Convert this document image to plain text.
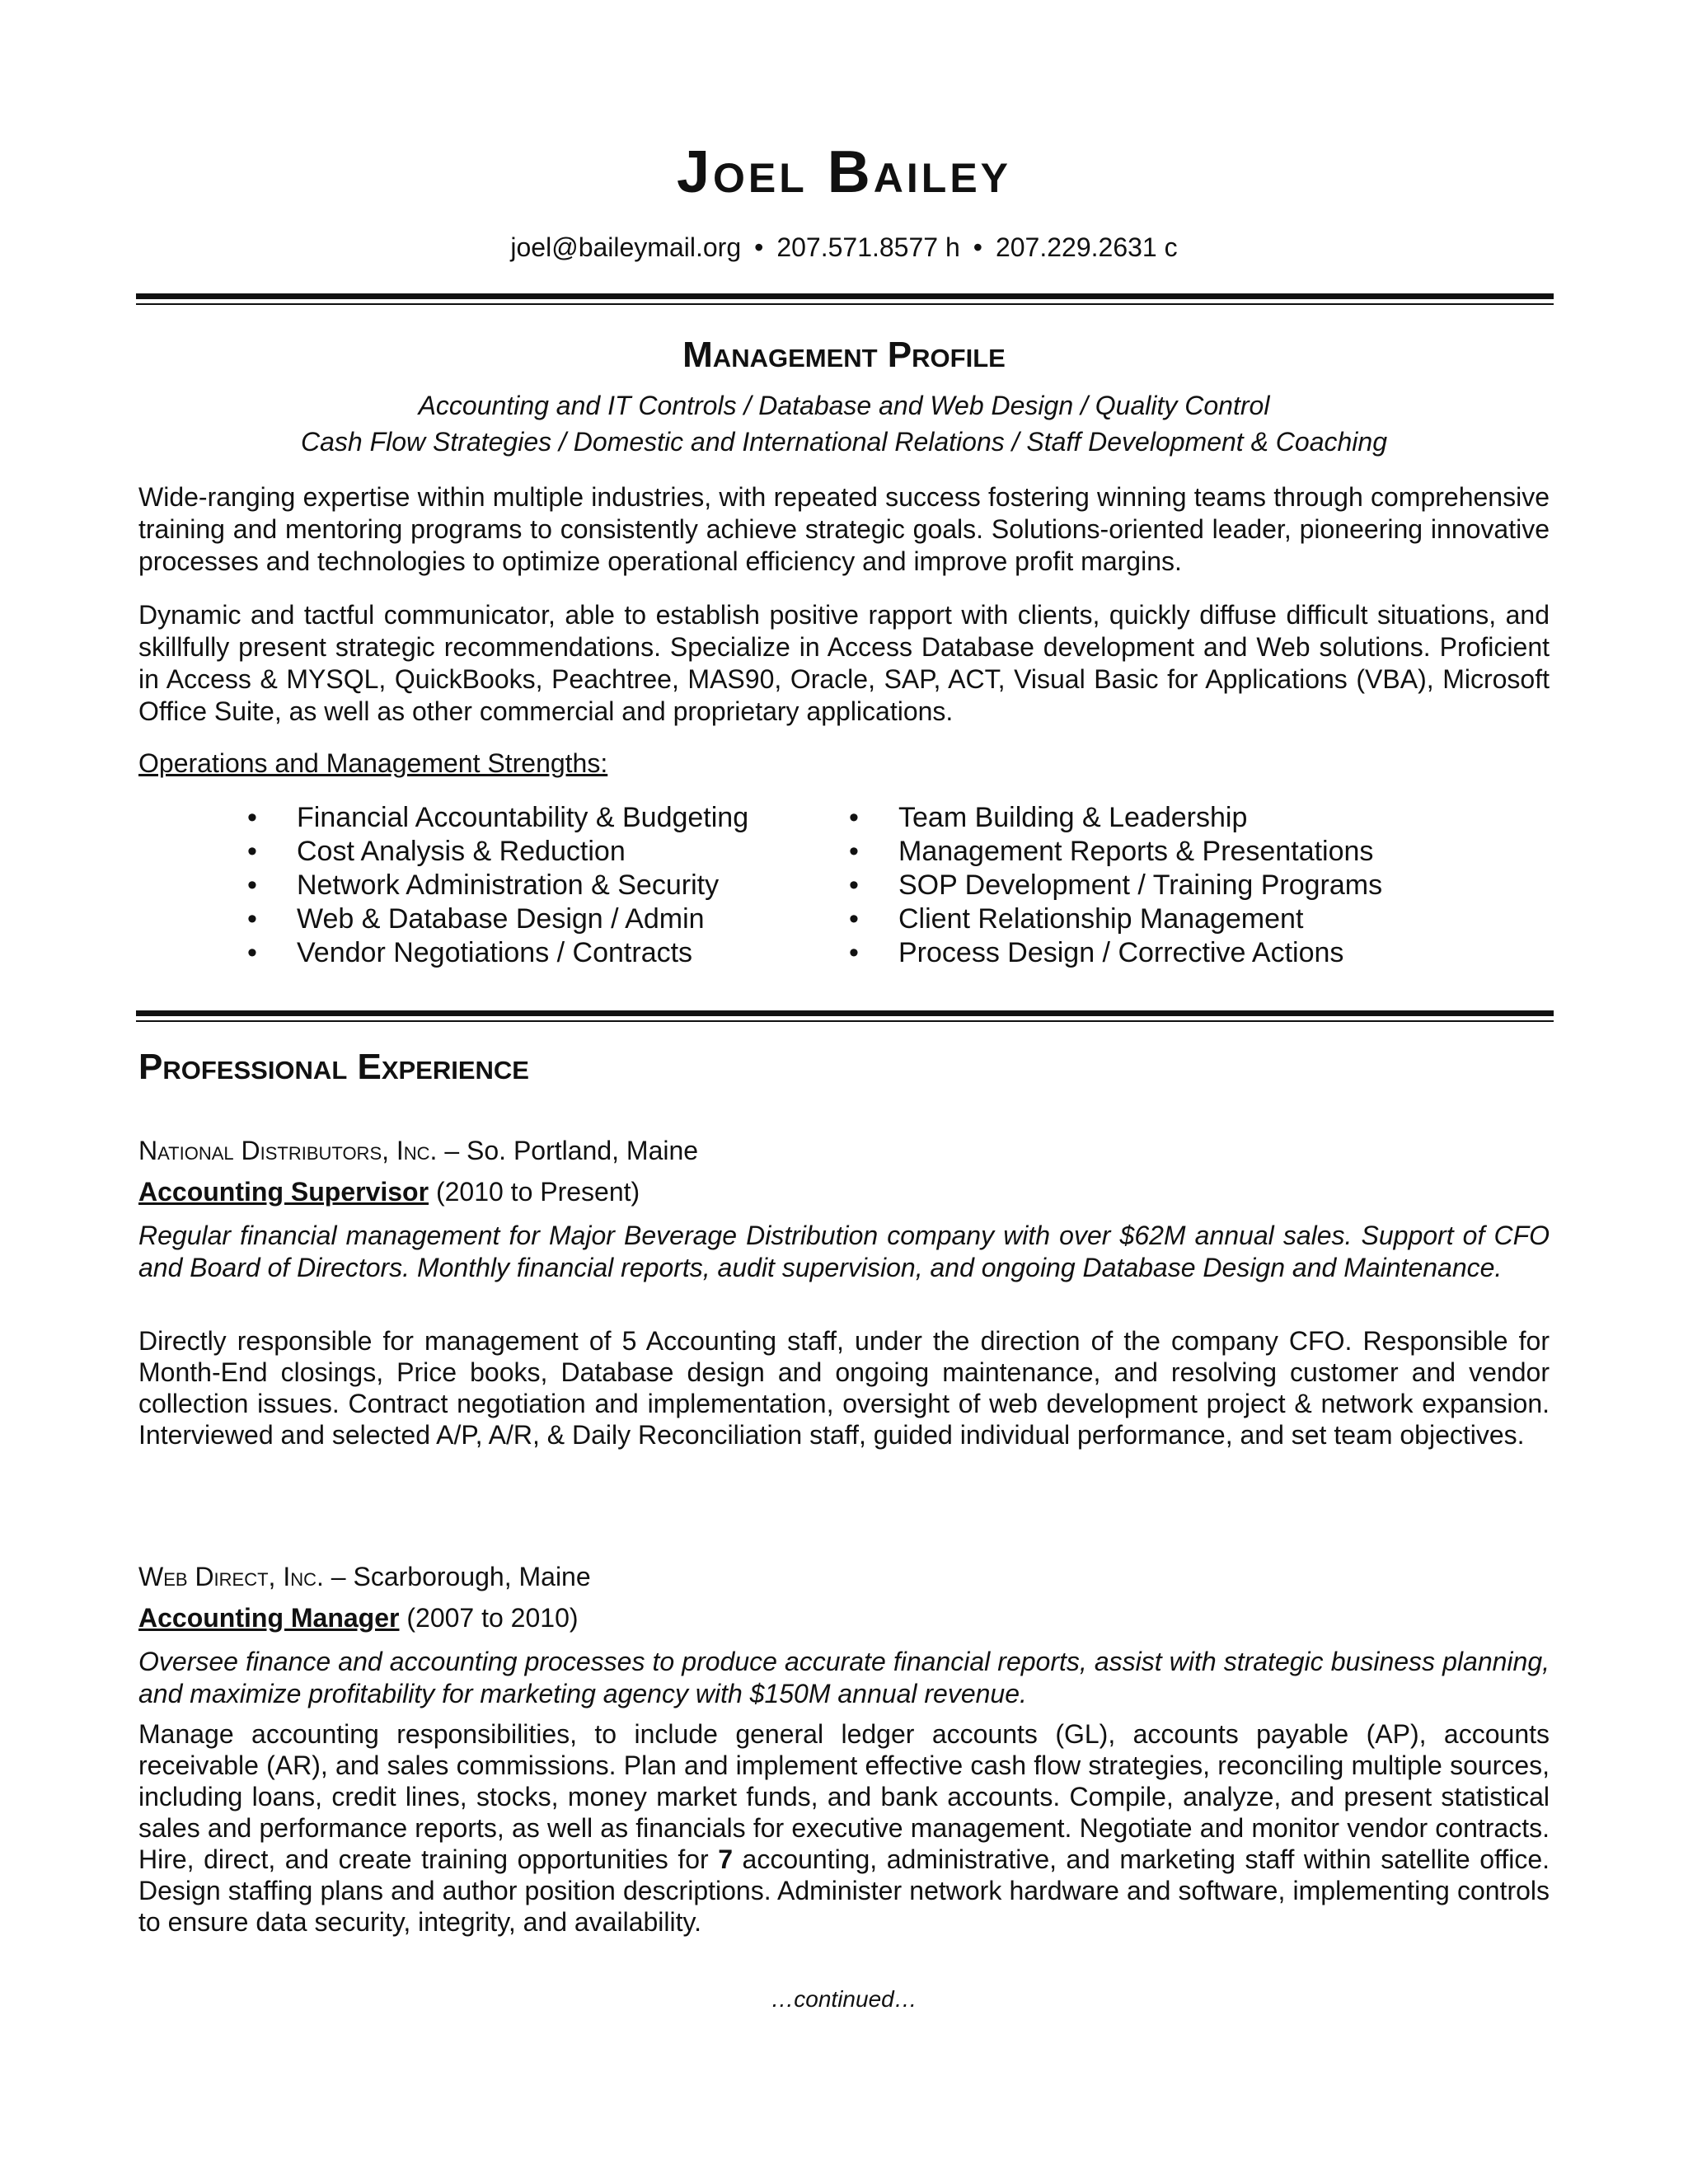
Joel Bailey
joel@baileymail.org • 207.571.8577 h • 207.229.2631 c
Management Profile
Accounting and IT Controls / Database and Web Design / Quality Control
Cash Flow Strategies / Domestic and International Relations / Staff Development & Coaching
Wide-ranging expertise within multiple industries, with repeated success fostering winning teams through comprehensive training and mentoring programs to consistently achieve strategic goals. Solutions-oriented leader, pioneering innovative processes and technologies to optimize operational efficiency and improve profit margins.
Dynamic and tactful communicator, able to establish positive rapport with clients, quickly diffuse difficult situations, and skillfully present strategic recommendations. Specialize in Access Database development and Web solutions. Proficient in Access & MYSQL, QuickBooks, Peachtree, MAS90, Oracle, SAP, ACT, Visual Basic for Applications (VBA), Microsoft Office Suite, as well as other commercial and proprietary applications.
Operations and Management Strengths:
• Financial Accountability & Budgeting
• Cost Analysis & Reduction
• Network Administration & Security
• Web & Database Design / Admin
• Vendor Negotiations / Contracts
• Team Building & Leadership
• Management Reports & Presentations
• SOP Development / Training Programs
• Client Relationship Management
• Process Design / Corrective Actions
Professional Experience
National Distributors, Inc. – So. Portland, Maine
Accounting Supervisor (2010 to Present)
Regular financial management for Major Beverage Distribution company with over $62M annual sales. Support of CFO and Board of Directors. Monthly financial reports, audit supervision, and ongoing Database Design and Maintenance.
Directly responsible for management of 5 Accounting staff, under the direction of the company CFO. Responsible for Month-End closings, Price books, Database design and ongoing maintenance, and resolving customer and vendor collection issues. Contract negotiation and implementation, oversight of web development project & network expansion. Interviewed and selected A/P, A/R, & Daily Reconciliation staff, guided individual performance, and set team objectives.
Web Direct, Inc. – Scarborough, Maine
Accounting Manager (2007 to 2010)
Oversee finance and accounting processes to produce accurate financial reports, assist with strategic business planning, and maximize profitability for marketing agency with $150M annual revenue.
Manage accounting responsibilities, to include general ledger accounts (GL), accounts payable (AP), accounts receivable (AR), and sales commissions. Plan and implement effective cash flow strategies, reconciling multiple sources, including loans, credit lines, stocks, money market funds, and bank accounts. Compile, analyze, and present statistical sales and performance reports, as well as financials for executive management. Negotiate and monitor vendor contracts. Hire, direct, and create training opportunities for 7 accounting, administrative, and marketing staff within satellite office. Design staffing plans and author position descriptions. Administer network hardware and software, implementing controls to ensure data security, integrity, and availability.
…continued…
